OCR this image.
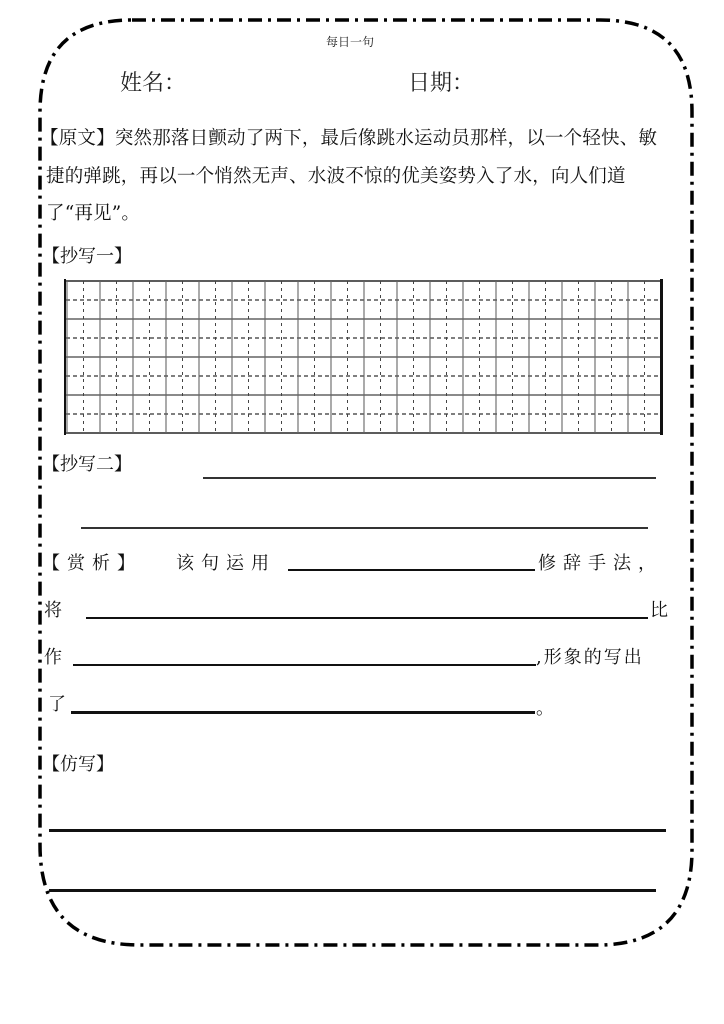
每日一句
姓名：	日期：
【原文】突然那落日颤动了两下，最后像跳水运动员那样，以一个轻快、敏捷的弹跳，再以一个悄然无声、水波不惊的优美姿势入了水，向人们道了“再见”。
【抄写一】
【抄写二】
【赏析】 该句运用	修辞手法，
将	比
作	,形象的写出
了	。
【仿写】
